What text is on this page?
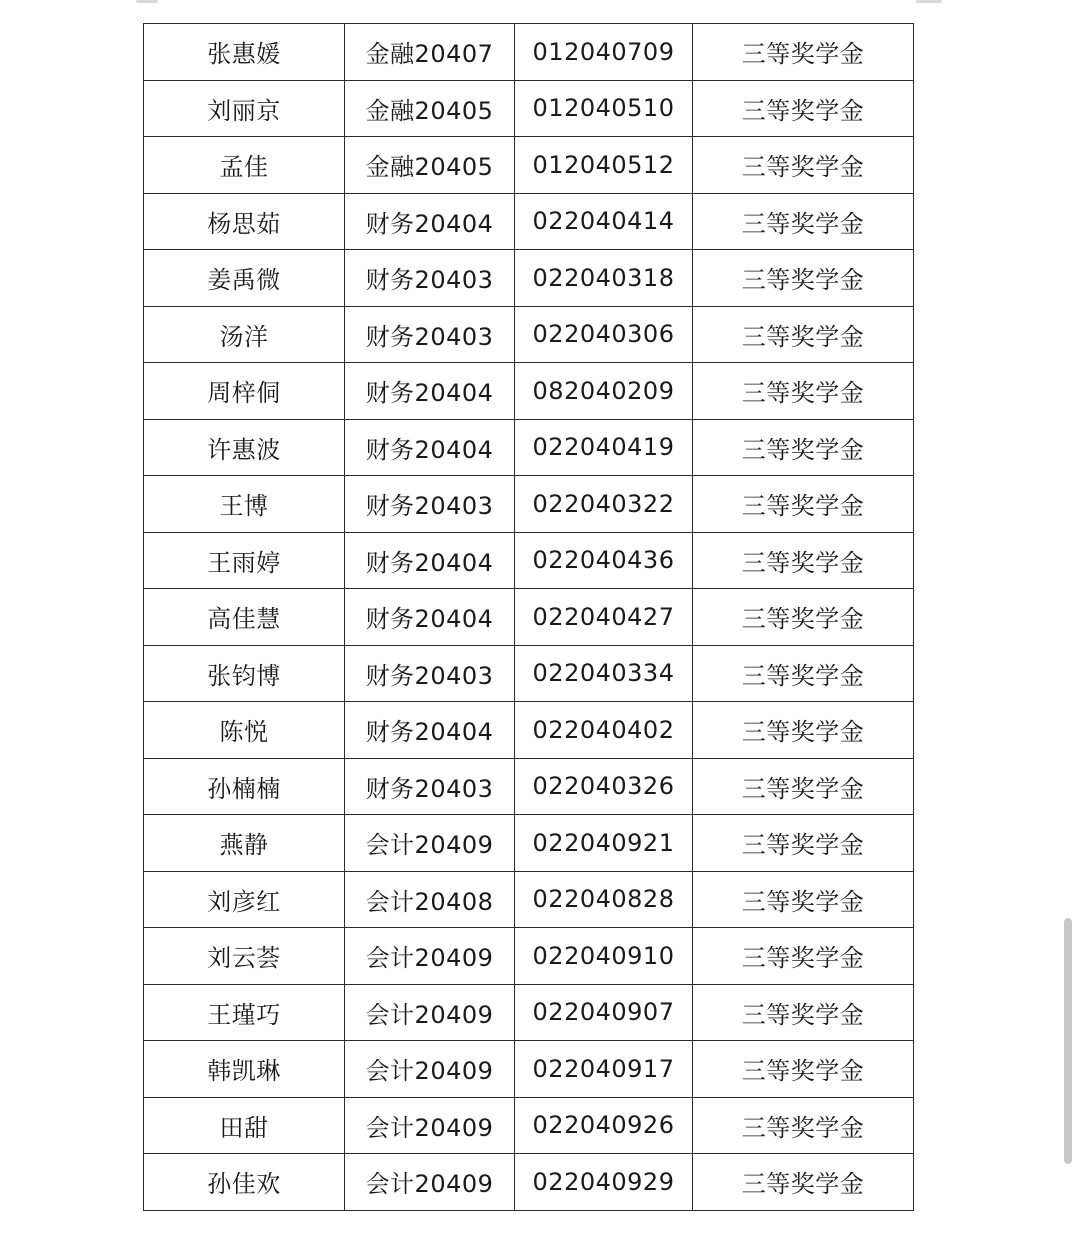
张惠媛	金融20407	012040709	三等奖学金
刘丽京	金融20405	012040510	三等奖学金
孟佳	金融20405	012040512	三等奖学金
杨思茹	财务20404	022040414	三等奖学金
姜禹微	财务20403	022040318	三等奖学金
汤洋	财务20403	022040306	三等奖学金
周梓侗	财务20404	082040209	三等奖学金
许惠波	财务20404	022040419	三等奖学金
王博	财务20403	022040322	三等奖学金
王雨婷	财务20404	022040436	三等奖学金
高佳慧	财务20404	022040427	三等奖学金
张钧博	财务20403	022040334	三等奖学金
陈悦	财务20404	022040402	三等奖学金
孙楠楠	财务20403	022040326	三等奖学金
燕静	会计20409	022040921	三等奖学金
刘彦红	会计20408	022040828	三等奖学金
刘云荟	会计20409	022040910	三等奖学金
王瑾巧	会计20409	022040907	三等奖学金
韩凯琳	会计20409	022040917	三等奖学金
田甜	会计20409	022040926	三等奖学金
孙佳欢	会计20409	022040929	三等奖学金
